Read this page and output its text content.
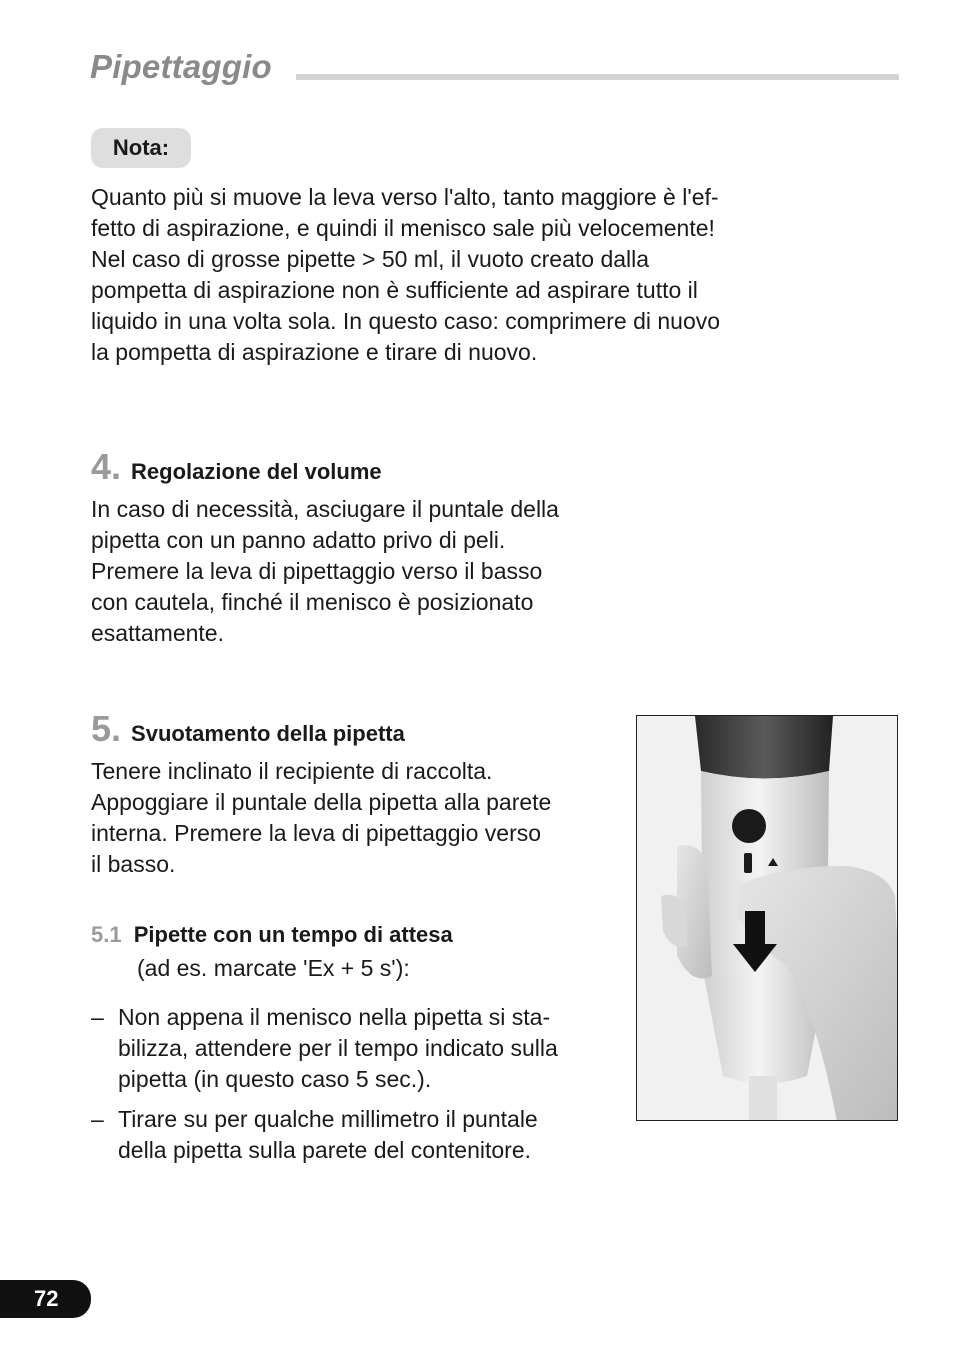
Pipettaggio
Nota:

Quanto più si muove la leva verso l'alto, tanto maggiore è l'ef-

fetto di aspirazione, e quindi il menisco sale più velocemente!

Nel caso di grosse pipette > 50 ml, il vuoto creato dalla

pompetta di aspirazione non è sufficiente ad aspirare tutto il

liquido in una volta sola. In questo caso: comprimere di nuovo

la pompetta di aspirazione e tirare di nuovo.

4. Regolazione del volume

In caso di necessità, asciugare il puntale della

pipetta con un panno adatto privo di peli.

Premere la leva di pipettaggio verso il basso

con cautela, finché il menisco è posizionato

esattamente.

5. Svuotamento della pipetta

Tenere inclinato il recipiente di raccolta.

Appoggiare il puntale della pipetta alla parete

interna. Premere la leva di pipettaggio verso

il basso.

5.1 Pipette con un tempo di attesa
(ad es. marcate 'Ex + 5 s'):
– Non appena il menisco nella pipetta si sta-
bilizza, attendere per il tempo indicato sulla
pipetta (in questo caso 5 sec.).
– Tirare su per qualche millimetro il puntale
della pipetta sulla parete del contenitore.
72
